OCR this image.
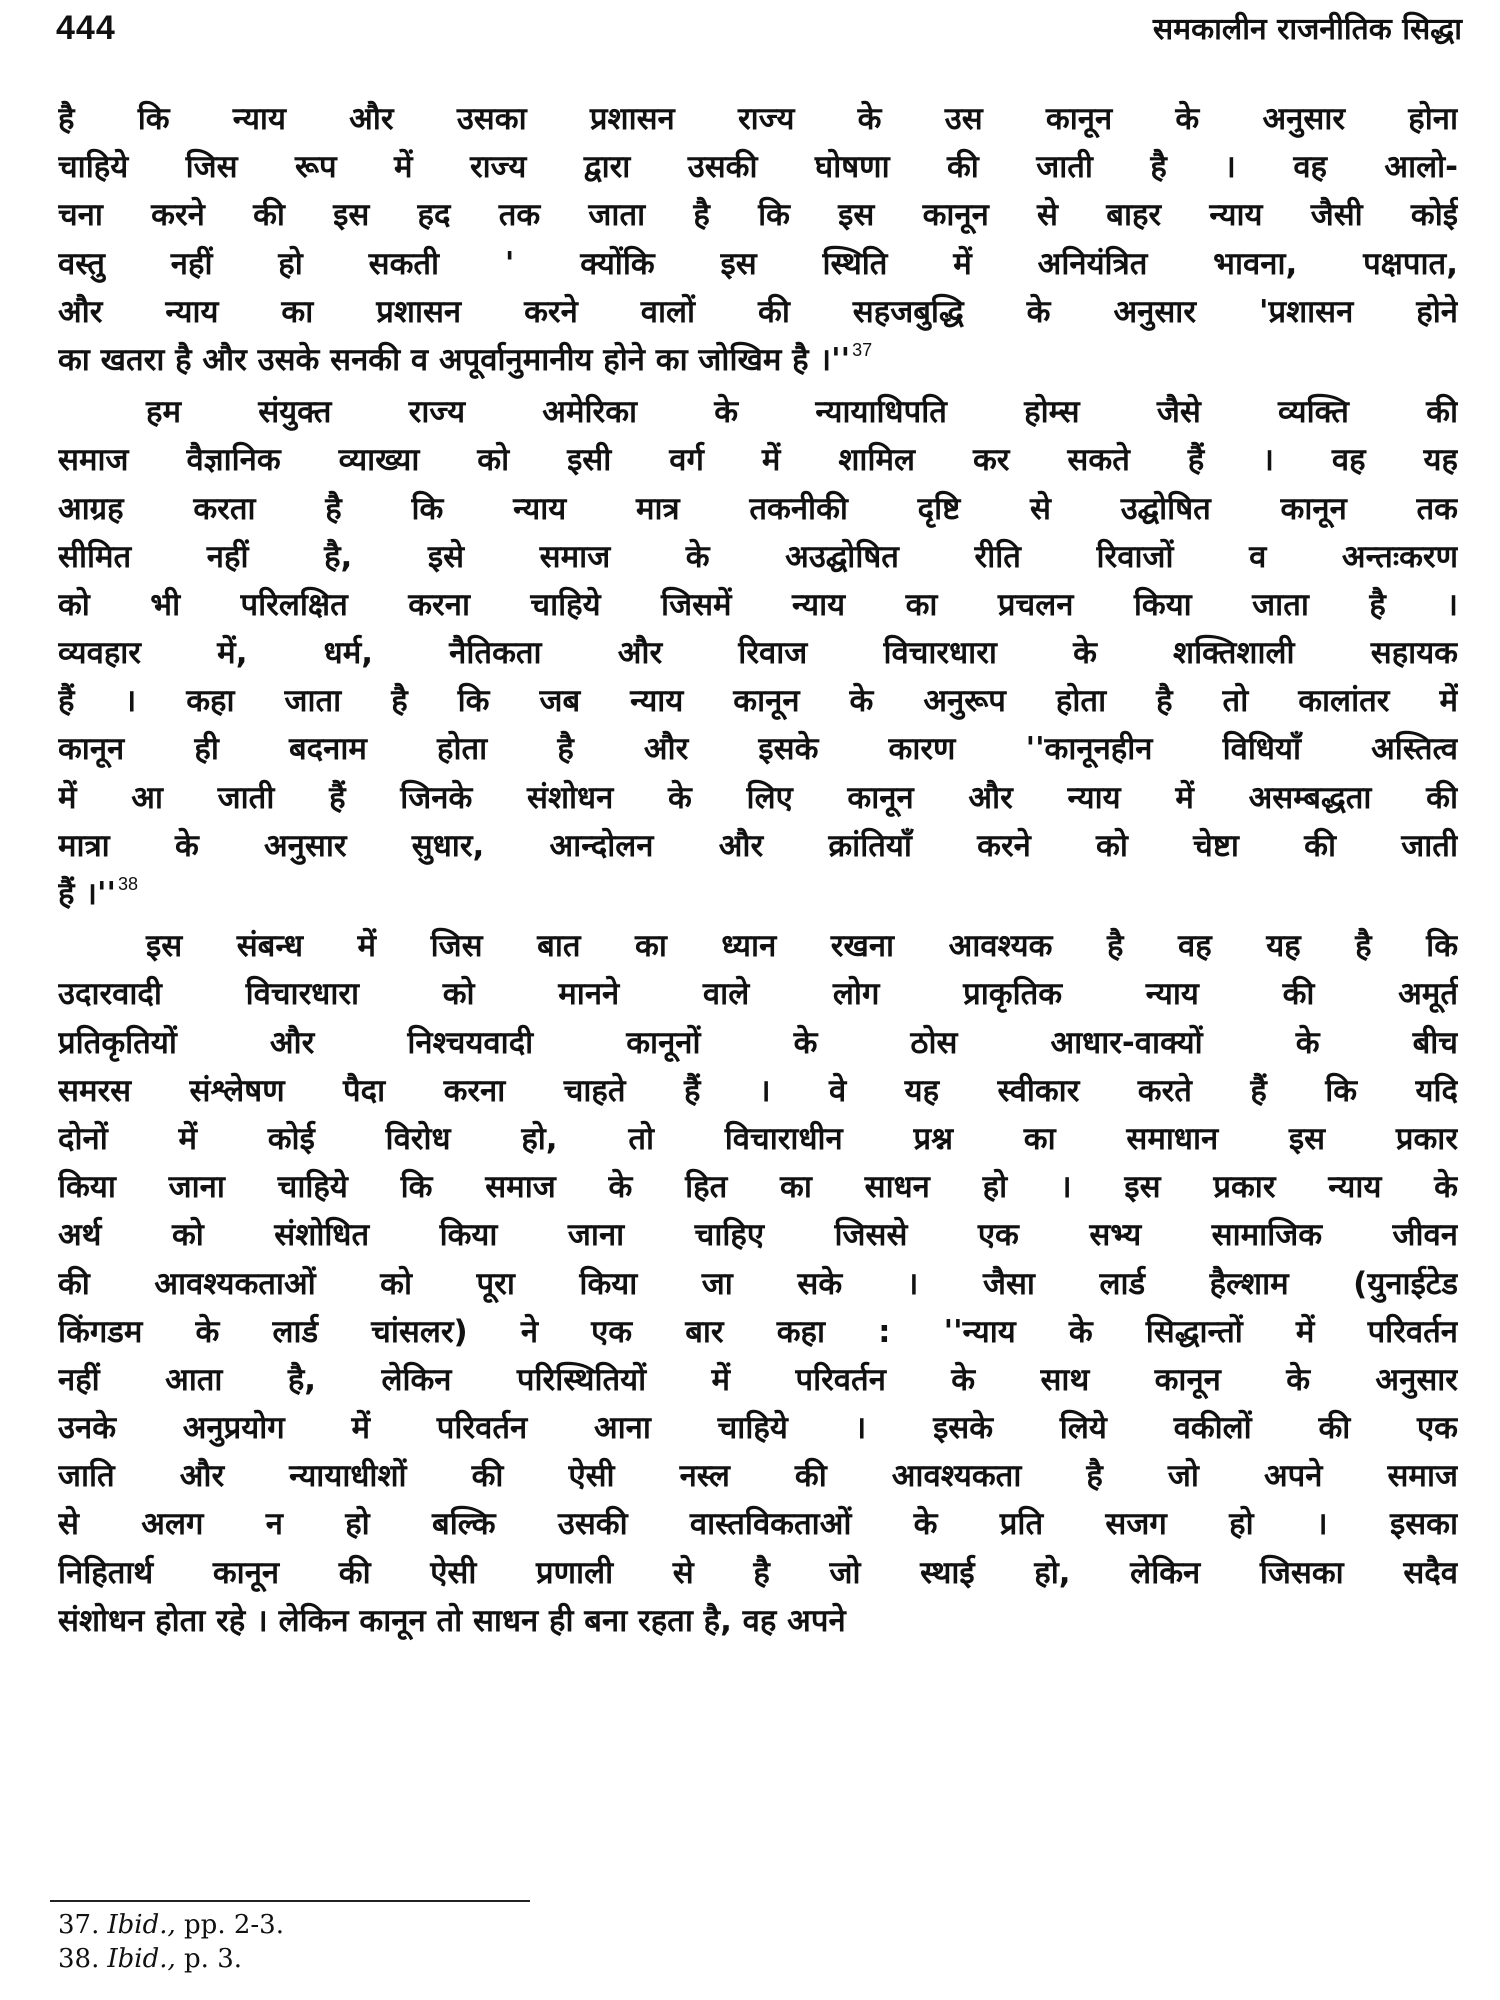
444	समकालीन राजनीतिक सिद्धा
है कि न्याय और उसका प्रशासन राज्य के उस कानून के अनुसार होना
चाहिये जिस रूप में राज्य द्वारा उसकी घोषणा की जाती है । वह आलो-
चना करने की इस हद तक जाता है कि इस कानून से बाहर न्याय जैसी कोई
वस्तु नहीं हो सकती ' क्योंकि इस स्थिति में अनियंत्रित भावना, पक्षपात,
और न्याय का प्रशासन करने वालों की सहजबुद्धि के अनुसार 'प्रशासन होने
का खतरा है और उसके सनकी व अपूर्वानुमानीय होने का जोखिम है ।'' $^{37}$
हम संयुक्त राज्य अमेरिका के न्यायाधिपति होम्स जैसे व्यक्ति की
समाज वैज्ञानिक व्याख्या को इसी वर्ग में शामिल कर सकते हैं । वह यह
आग्रह करता है कि न्याय मात्र तकनीकी दृष्टि से उद्घोषित कानून तक
सीमित नहीं है, इसे समाज के अउद्घोषित रीति रिवाजों व अन्तःकरण
को भी परिलक्षित करना चाहिये जिसमें न्याय का प्रचलन किया जाता है ।
व्यवहार में, धर्म, नैतिकता और रिवाज विचारधारा के शक्तिशाली सहायक
हैं । कहा जाता है कि जब न्याय कानून के अनुरूप होता है तो कालांतर में
कानून ही बदनाम होता है और इसके कारण ''कानूनहीन विधियाँ अस्तित्व
में आ जाती हैं जिनके संशोधन के लिए कानून और न्याय में असम्बद्धता की
मात्रा के अनुसार सुधार, आन्दोलन और क्रांतियाँ करने को चेष्टा की जाती
हैं ।'' $^{38}$
इस संबन्ध में जिस बात का ध्यान रखना आवश्यक है वह यह है कि
उदारवादी विचारधारा को मानने वाले लोग प्राकृतिक न्याय की अमूर्त
प्रतिकृतियों और निश्चयवादी कानूनों के ठोस आधार-वाक्यों के बीच
समरस संश्लेषण पैदा करना चाहते हैं । वे यह स्वीकार करते हैं कि यदि
दोनों में कोई विरोध हो, तो विचाराधीन प्रश्न का समाधान इस प्रकार
किया जाना चाहिये कि समाज के हित का साधन हो । इस प्रकार न्याय के
अर्थ को संशोधित किया जाना चाहिए जिससे एक सभ्य सामाजिक जीवन
की आवश्यकताओं को पूरा किया जा सके । जैसा लार्ड हैल्शाम (युनाईटेड
किंगडम के लार्ड चांसलर) ने एक बार कहा : ''न्याय के सिद्धान्तों में परिवर्तन
नहीं आता है, लेकिन परिस्थितियों में परिवर्तन के साथ कानून के अनुसार
उनके अनुप्रयोग में परिवर्तन आना चाहिये । इसके लिये वकीलों की एक
जाति और न्यायाधीशों की ऐसी नस्ल की आवश्यकता है जो अपने समाज
से अलग न हो बल्कि उसकी वास्तविकताओं के प्रति सजग हो । इसका
निहितार्थ कानून की ऐसी प्रणाली से है जो स्थाई हो, लेकिन जिसका सदैव
संशोधन होता रहे । लेकिन कानून तो साधन ही बना रहता है, वह अपने
37. Ibid., pp. 2-3.
38. Ibid., p. 3.
